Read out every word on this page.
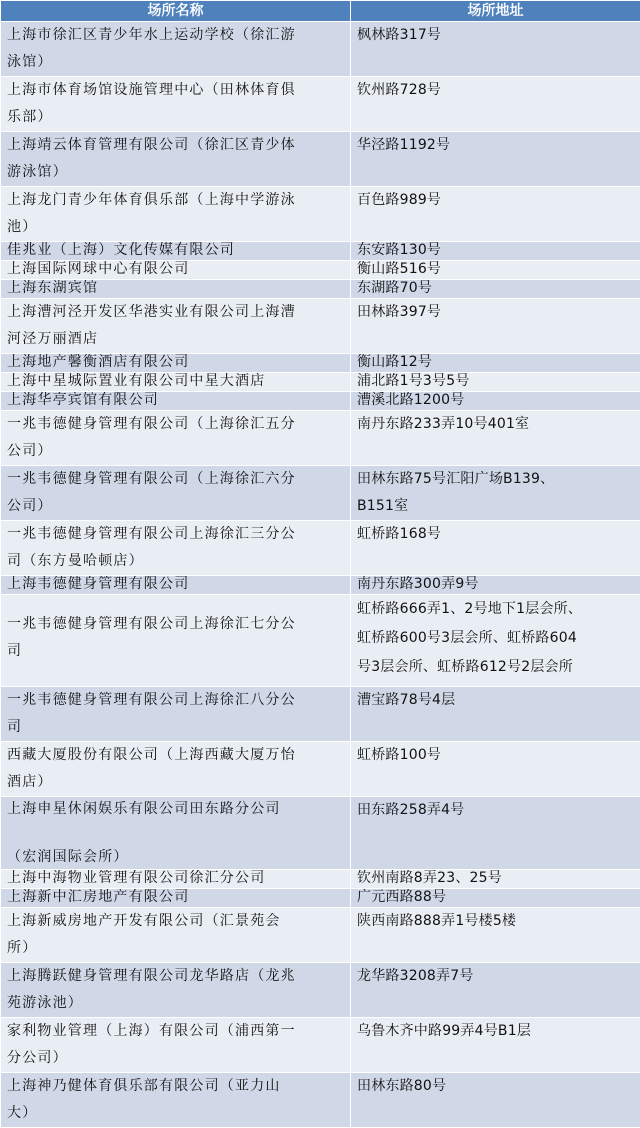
场所名称	场所地址
上海市徐汇区青少年水上运动学校（徐汇游
泳馆）	枫林路317号
上海市体育场馆设施管理中心（田林体育俱
乐部）	钦州路728号
上海靖云体育管理有限公司（徐汇区青少体
游泳馆）	华泾路1192号
上海龙门青少年体育俱乐部（上海中学游泳
池）	百色路989号
佳兆业（上海）文化传媒有限公司	东安路130号
上海国际网球中心有限公司	衡山路516号
上海东湖宾馆	东湖路70号
上海漕河泾开发区华港实业有限公司上海漕
河泾万丽酒店	田林路397号
上海地产馨衡酒店有限公司	衡山路12号
上海中星城际置业有限公司中星大酒店	浦北路1号3号5号
上海华亭宾馆有限公司	漕溪北路1200号
一兆韦德健身管理有限公司（上海徐汇五分
公司）	南丹东路233弄10号401室
一兆韦德健身管理有限公司（上海徐汇六分
公司）	田林东路75号汇阳广场B139、
B151室
一兆韦德健身管理有限公司上海徐汇三分公
司（东方曼哈顿店）	虹桥路168号
上海韦德健身管理有限公司	南丹东路300弄9号
一兆韦德健身管理有限公司上海徐汇七分公
司	虹桥路666弄1、2号地下1层会所、
虹桥路600号3层会所、虹桥路604
号3层会所、虹桥路612号2层会所
一兆韦德健身管理有限公司上海徐汇八分公
司	漕宝路78号4层
西藏大厦股份有限公司（上海西藏大厦万怡
酒店）	虹桥路100号
上海申星休闲娱乐有限公司田东路分公司

（宏润国际会所）	田东路258弄4号
上海中海物业管理有限公司徐汇分公司	钦州南路8弄23、25号
上海新中汇房地产有限公司	广元西路88号
上海新威房地产开发有限公司（汇景苑会
所）	陕西南路888弄1号楼5楼
上海腾跃健身管理有限公司龙华路店（龙兆
苑游泳池）	龙华路3208弄7号
家利物业管理（上海）有限公司（浦西第一
分公司）	乌鲁木齐中路99弄4号B1层
上海神乃健体育俱乐部有限公司（亚力山
大）	田林东路80号
